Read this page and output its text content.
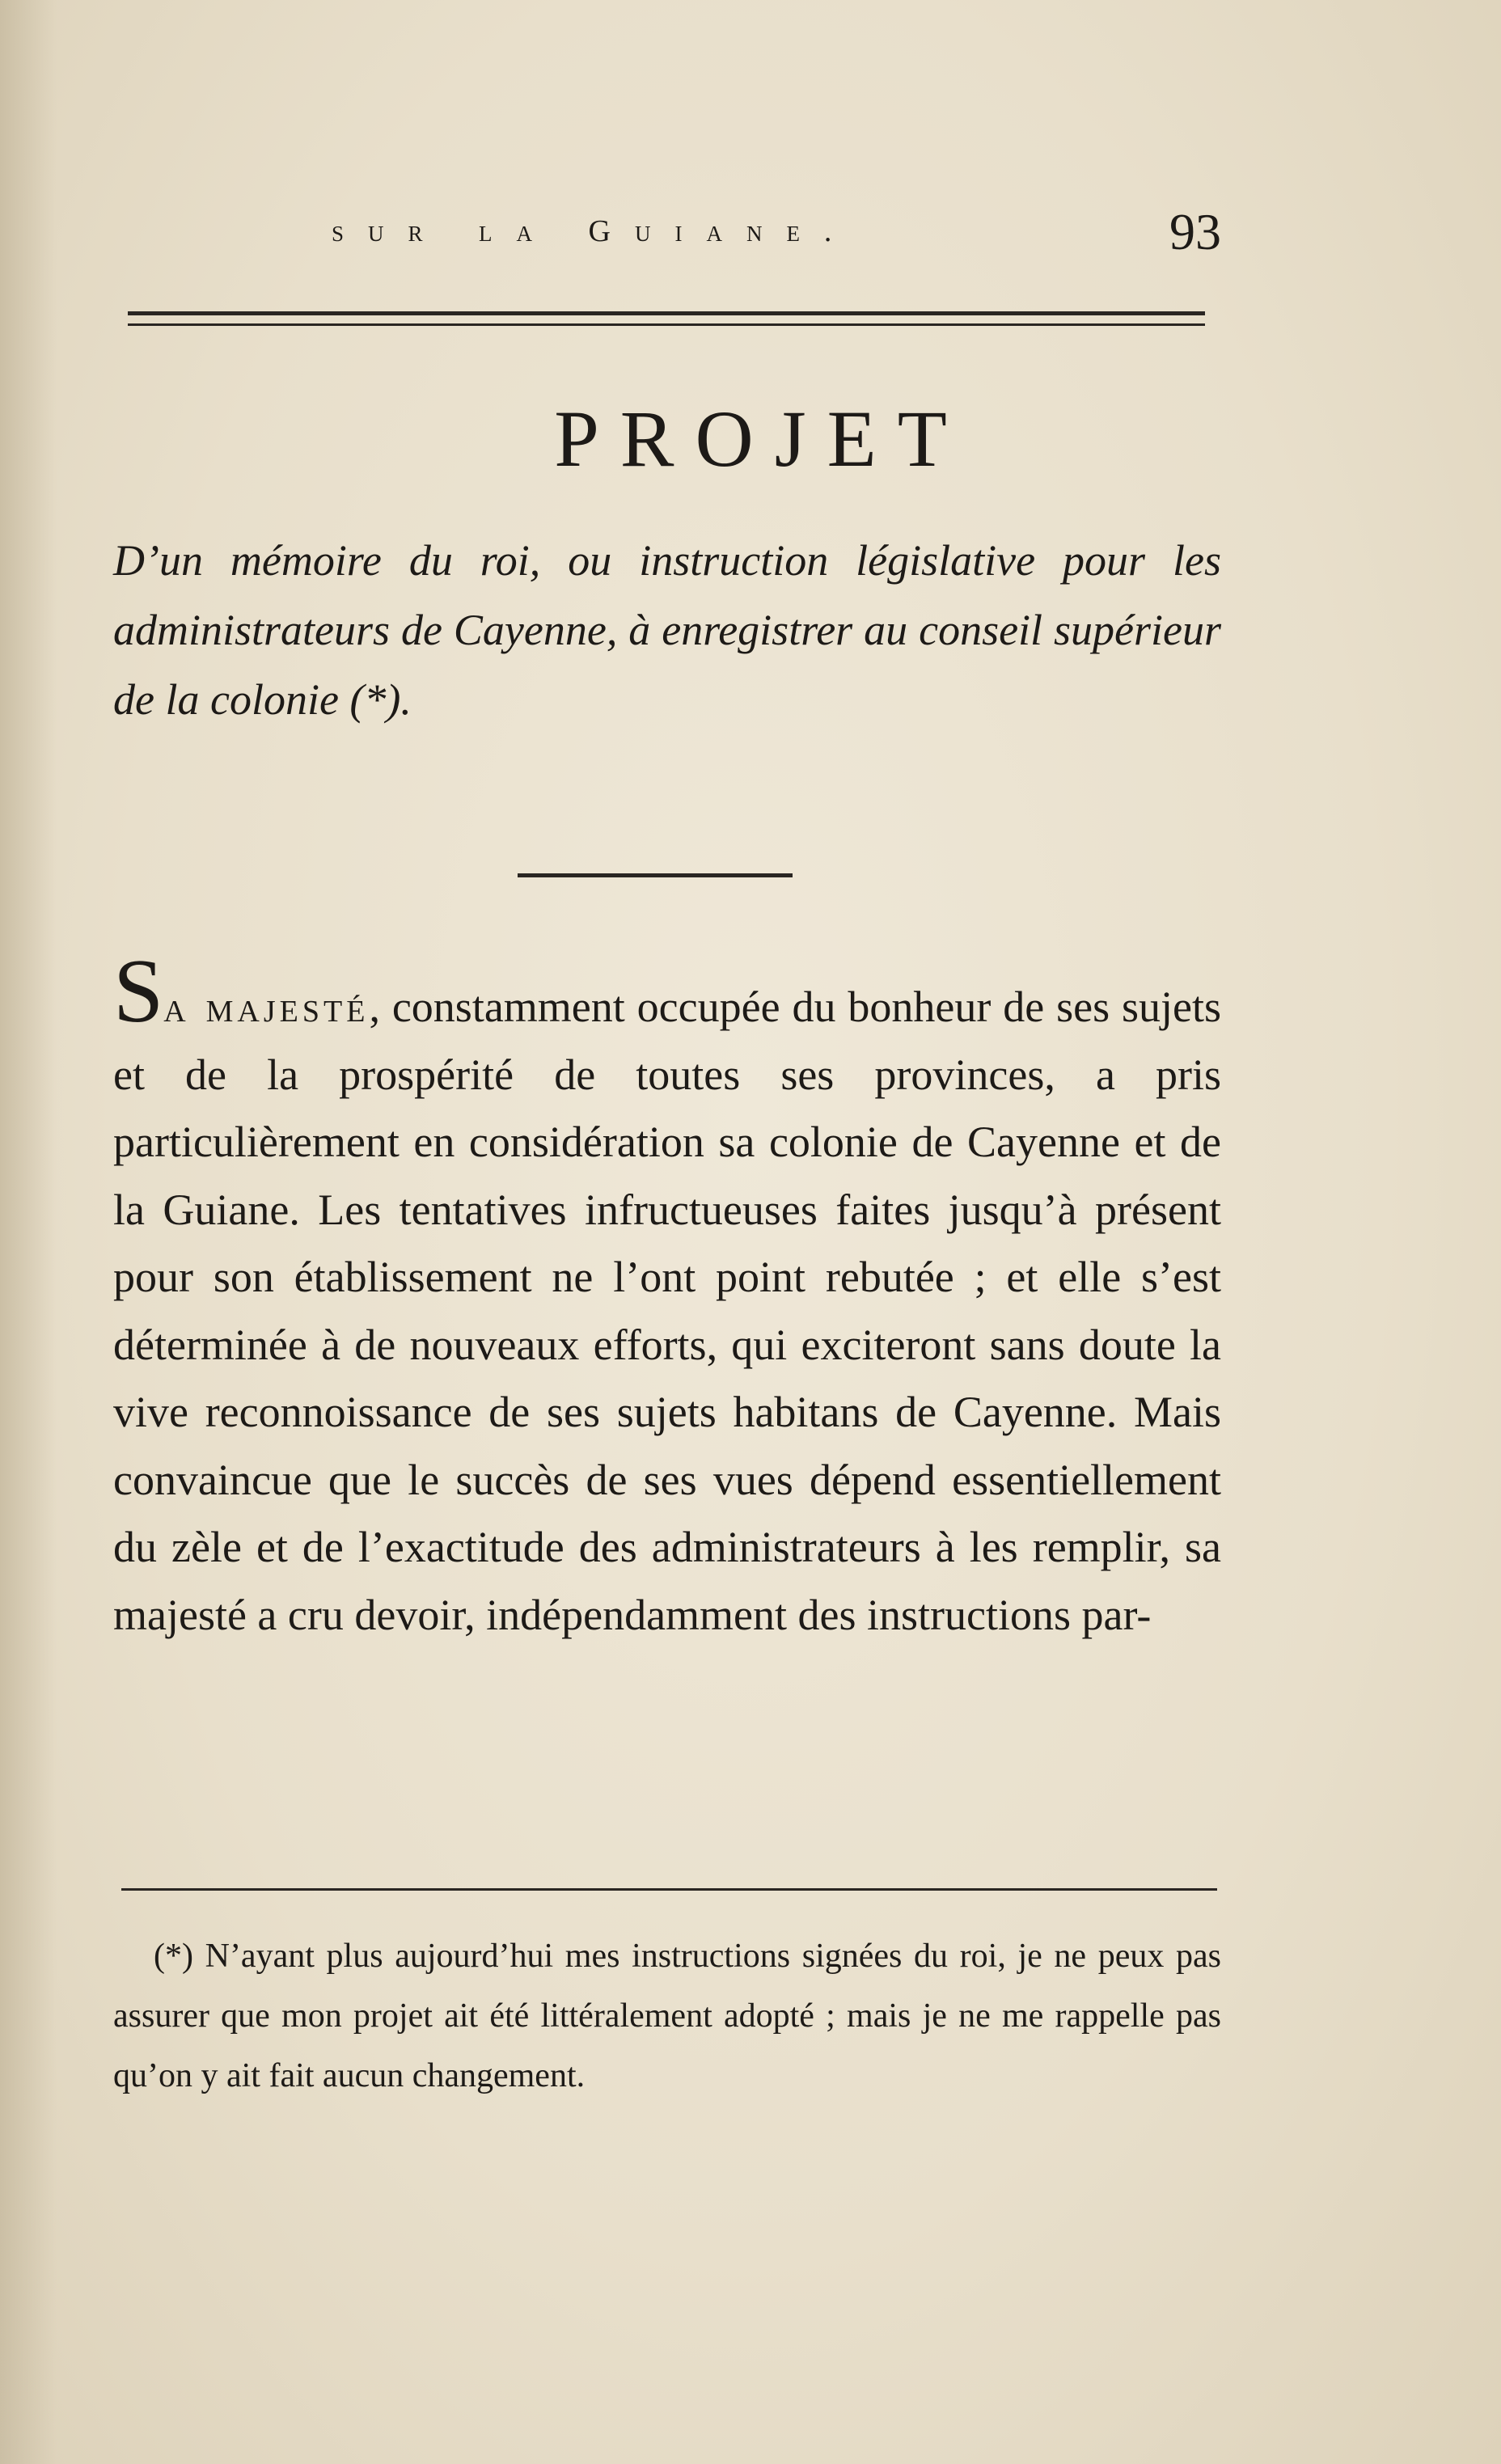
sur la Guiane.	93
PROJET
D’un mémoire du roi, ou instruction législative pour les administrateurs de Cayenne, à enregistrer au conseil supérieur de la colonie (*).
Sa majesté, constamment occupée du bonheur de ses sujets et de la prospérité de toutes ses provinces, a pris particulièrement en considération sa colonie de Cayenne et de la Guiane. Les tentatives infructueuses faites jusqu’à présent pour son établissement ne l’ont point rebutée ; et elle s’est déterminée à de nouveaux efforts, qui exciteront sans doute la vive reconnoissance de ses sujets habitans de Cayenne. Mais convaincue que le succès de ses vues dépend essentiellement du zèle et de l’exactitude des administrateurs à les remplir, sa majesté a cru devoir, indépendamment des instructions par-
(*) N’ayant plus aujourd’hui mes instructions signées du roi, je ne peux pas assurer que mon projet ait été littéralement adopté ; mais je ne me rappelle pas qu’on y ait fait aucun changement.
